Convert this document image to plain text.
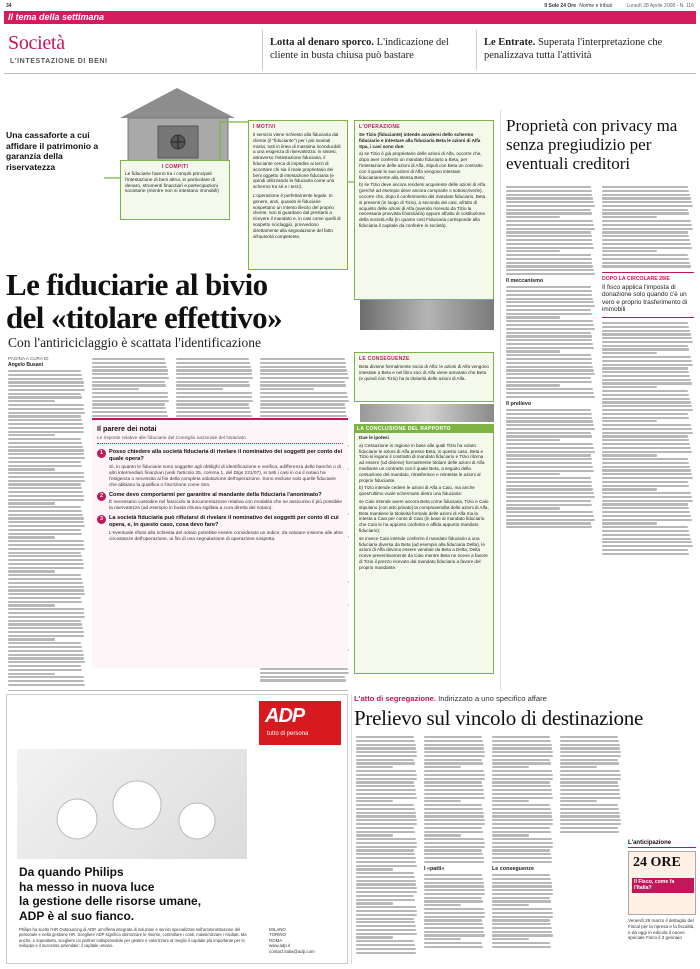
34	Il Sole 24 Ore Norme e tributi	Lunedì 28 Aprile 2008 - N. 116
Il tema della settimana
Società
L'INTESTAZIONE DI BENI
Lotta al denaro sporco. L'indicazione del cliente in busta chiusa può bastare
Le Entrate. Superata l'interpretazione che penalizzava tutta l'attività
Una cassaforte a cui affidare il patrimonio a garanzia della riservatezza	I COMPITI
Le fiduciarie hanno tra i compiti principali l'intestazione di beni altrui, in particolare di denaro, strumenti finanziari e partecipazioni societarie (mentre non si intestano immobili)
I MOTIVI
Il servizio viene richiesto alla fiduciaria dal cliente (il "fiduciante") per i più svariati motivi, tutti in linea di massima riconducibili a una esigenza di riservatezza: in sintesi, attraverso l'intestazione fiduciaria, il fiduciante cerca di impedire ai terzi di accertare chi sia il reale proprietario dei beni oggetto di intestazione fiduciaria (e quindi utilizzando la fiduciaria come uno schermo tra sé e i terzi).
L'operazione è perfettamente legale. In genere, anzi, quando le fiduciarie sospettano un intento illecito del proprio cliente, non si guardano dal prestarsi a ricevere il mandato e, in casi come quelli di sospetto riciclaggio, provvedono direttamente alla segnalazione del fatto all'autorità competente.
L'OPERAZIONE
Se Tizio (fiduciante) intende avvalersi dello schermo fiduciario e intestare alla fiduciaria Beta le azioni di Alfa Spa, i casi sono due:
a) se Tizio è già proprietario delle azioni di Alfa, occorre che, dopo aver conferito un mandato fiduciario a Beta, per l'intestazione delle azioni di Alfa, stipuli con Beta un contratto con il quale le sue azioni di Alfa vengono intestate fiduciariamente alla stessa Beta;
b) se Tizio deve ancora rendersi acquirente delle azioni di Alfa (perché ad esempio deve ancora comprarle o sottoscriverle), occorre che, dopo il conferimento del mandato fiduciario, Beta si presenti (in luogo di Tizio), a seconda dei casi, all'atto di acquisto delle azioni di Alfa (avendo ricevuto da Tizio la necessaria provvista finanziaria) oppure all'atto di costituzione della società Alfa (in quanto così Fiduciaria corrisponde alla fiduciaria il capitale da conferire in società).
LE CONSEGUENZE
Beta diviene formalmente socia di Alfa: le azioni di Alfa vengono intestate a Beta e nel libro soci di Alfa viene annotato che Beta (e quindi non Tizio) ha la titolarità delle azioni di Alfa.
LA CONCLUSIONE DEL RAPPORTO
Due le ipotesi
a) Cessazione in ragione in base alle quali Tizio ha voluto fiduciarie le azioni di Alfa presso Beta; in questo caso, Beta e Tizio si legano il contratto di mandato fiduciario e Tizio ritorna ad essere (od diviene) formalmente titolare delle azioni di Alfa mediante un contratto con il quale Beta, a seguito della cessazione del mandato, ritrasferisce e reintesta le azioni al proprio fiduciante.
b) Tizio intende cedere le azioni di Alfa a Caio, ma anche quest'ultimo vuole schermarsi dietro una fiduciaria:
se Caio intende avere ancora Beta come fiduciaria, Tizio e Caio stipulano (con atto privato) la compravendita delle azioni di Alfa, Beta mantiene la titolarità formale delle azioni di Alfa ma la intesta a Caio per conto di Caio (in base al mandato fiduciario che Caio le ha appunto conferito e affida appunto mandato fiduciario);
se invece Caio intende conferire il mandato fiduciario a una fiduciaria diversa da Beta (ad esempio alla fiduciaria Delta), le azioni di Alfa devono essere vendute da Beta a Delta; Delta riceve preventivamente da Caio mentre Beta ne riceve a favore di Tizio il prezzo ricevuto dal mandato fiduciario a favore del proprio mandante.
Proprietà con privacy ma senza pregiudizio per eventuali creditori
Il meccanismo
Il prelievo
DOPO LA CIRCOLARE 28/E
Il fisco applica l'imposta di donazione solo quando c'è un vero e proprio trasferimento di immobili
Le fiduciarie al bivio
del «titolare effettivo»
Con l'antiriciclaggio è scattata l'identificazione
PAGINA A CURA DI
Angelo Busani
Il parere dei notai
Le risposte relative alle fiduciarie del Consiglio nazionale del Notariato
1	Posso chiedere alla società fiduciaria di rivelare il nominativo dei soggetti per conto dei quale opera?
Sì, in quanto le fiduciarie sono soggette agli obblighi di identificazione e verifica, adifferenza delle banche o di altri intermediari finanziari (vedi l'articolo 25, comma 1, del Dlgs 231/07), in tutti i casi in cui il notaio ha l'esigenza o necessita ai fini della completa valutazione dell'operazione. Sono escluse solo quelle fiduciarie che abbiano la qualifica o l'iscrizione come Sim.
2	Come devo comportarmi per garantire al mandante della fiduciaria l'anonimato?
È necessario custodire nel fascicolo la documentazione relativa con modalità che ne assicurino il più possibile la riservatezza (ad esempio in busta chiusa sigillata a cura diretta del notaio).
3	La società fiduciaria può rifiutarsi di rivelare il nominativo dei soggetti per conto di cui opera, e, in questo caso, cosa devo fare?
L'eventuale rifiuto alla richiesta del notaio potrebbe essere considerato un indice, da valutare insieme alle altre circostanze dell'operazione, ai fini di una segnalazione di operazione sospetta.
ADP
tutto di persona
Da quando Philips
ha messo in nuova luce
la gestione delle risorse umane,
ADP è al suo fianco.
Philips ha scelto l'HR Outsourcing di ADP, un'offerta integrata di soluzioni e servizi specializzati nell'amministrazione del personale e nella gestione HR. Scegliere ADP significa ottimizzare le risorse, controllare i costi, massimizzare i risultati. Ma anche, e soprattutto, scegliere un partner indispensabile per gestire e valorizzare al meglio il capitale più importante per lo sviluppo e il successo aziendale: il capitale umano.
MILANO
TORINO
ROMA
www.adp.it
contact.italia@adp.com
L'atto di segregazione. Indirizzato a uno specifico affare
Prelievo sul vincolo di destinazione
I «patti»	Le conseguenze
L'anticipazione
24 ORE
Il Fisco, come fa l'Italia?
Venerdì 28 marzo il dettaglio del Fiscal per la ripresa e la fiscalità, e da oggi in edicola il nuovo speciale Fisco il 3 gennaio
